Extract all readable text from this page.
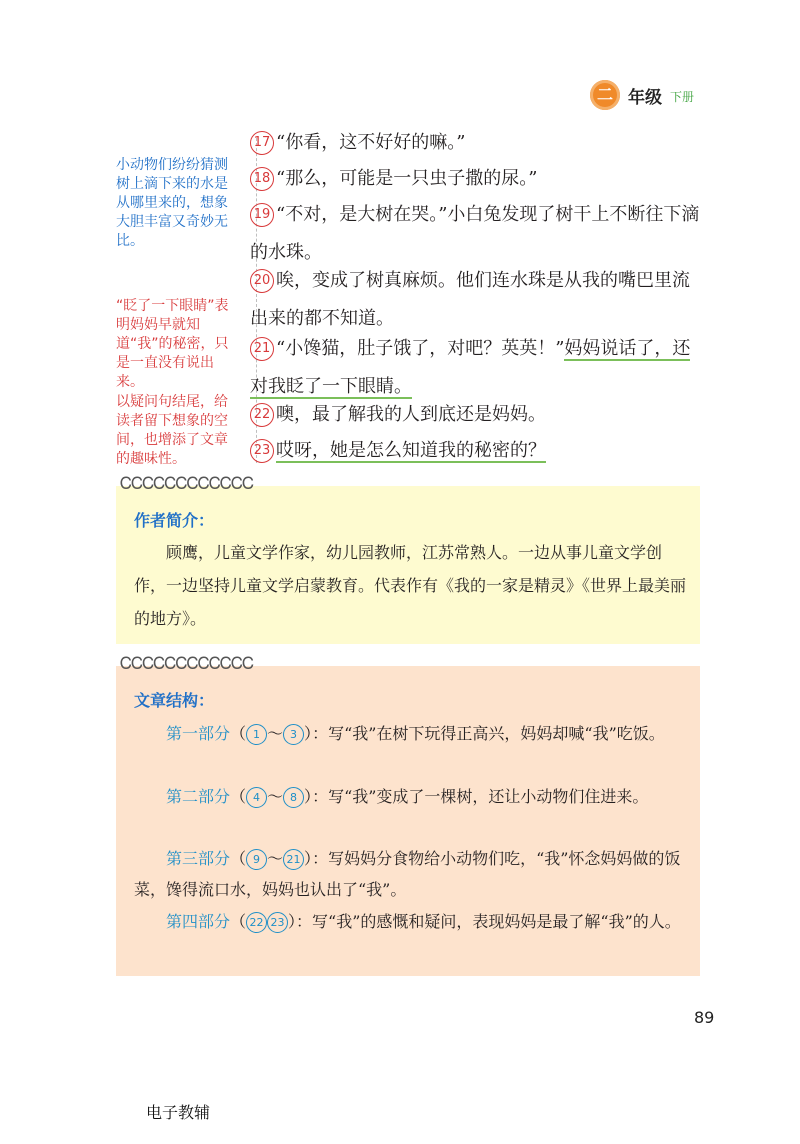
二 年级 下册
小动物们纷纷猜测树上滴下来的水是从哪里来的，想象大胆丰富又奇妙无比。
“眨了一下眼睛”表明妈妈早就知道“我”的秘密，只是一直没有说出来。
以疑问句结尾，给读者留下想象的空间，也增添了文章的趣味性。
17 “你看，这不好好的嘛。”
18 “那么，可能是一只虫子撒的尿。”
19 “不对，是大树在哭。”小白兔发现了树干上不断往下滴的水珠。
20 唉，变成了树真麻烦。他们连水珠是从我的嘴巴里流出来的都不知道。
21 “小馋猫，肚子饿了，对吧？英英！”妈妈说话了，还对我眨了一下眼睛。
22 噢，最了解我的人到底还是妈妈。
23 哎呀，她是怎么知道我的秘密的？
ᏟᏟᏟᏟᏟᏟᏟᏟᏟᏟᏟᏟ
作者简介：
顾鹰，儿童文学作家，幼儿园教师，江苏常熟人。一边从事儿童文学创作，一边坚持儿童文学启蒙教育。代表作有《我的一家是精灵》《世界上最美丽的地方》。
ᏟᏟᏟᏟᏟᏟᏟᏟᏟᏟᏟᏟ
文章结构：
第一部分（ 1 ～ 3 ）：写“我”在树下玩得正高兴，妈妈却喊“我”吃饭。
第二部分（ 4 ～ 8 ）：写“我”变成了一棵树，还让小动物们住进来。
第三部分（ 9 ～ 21 ）：写妈妈分食物给小动物们吃，“我”怀念妈妈做的饭菜，馋得流口水，妈妈也认出了“我”。
第四部分（ 22 23 ）：写“我”的感慨和疑问，表现妈妈是最了解“我”的人。
89
电子教辅
